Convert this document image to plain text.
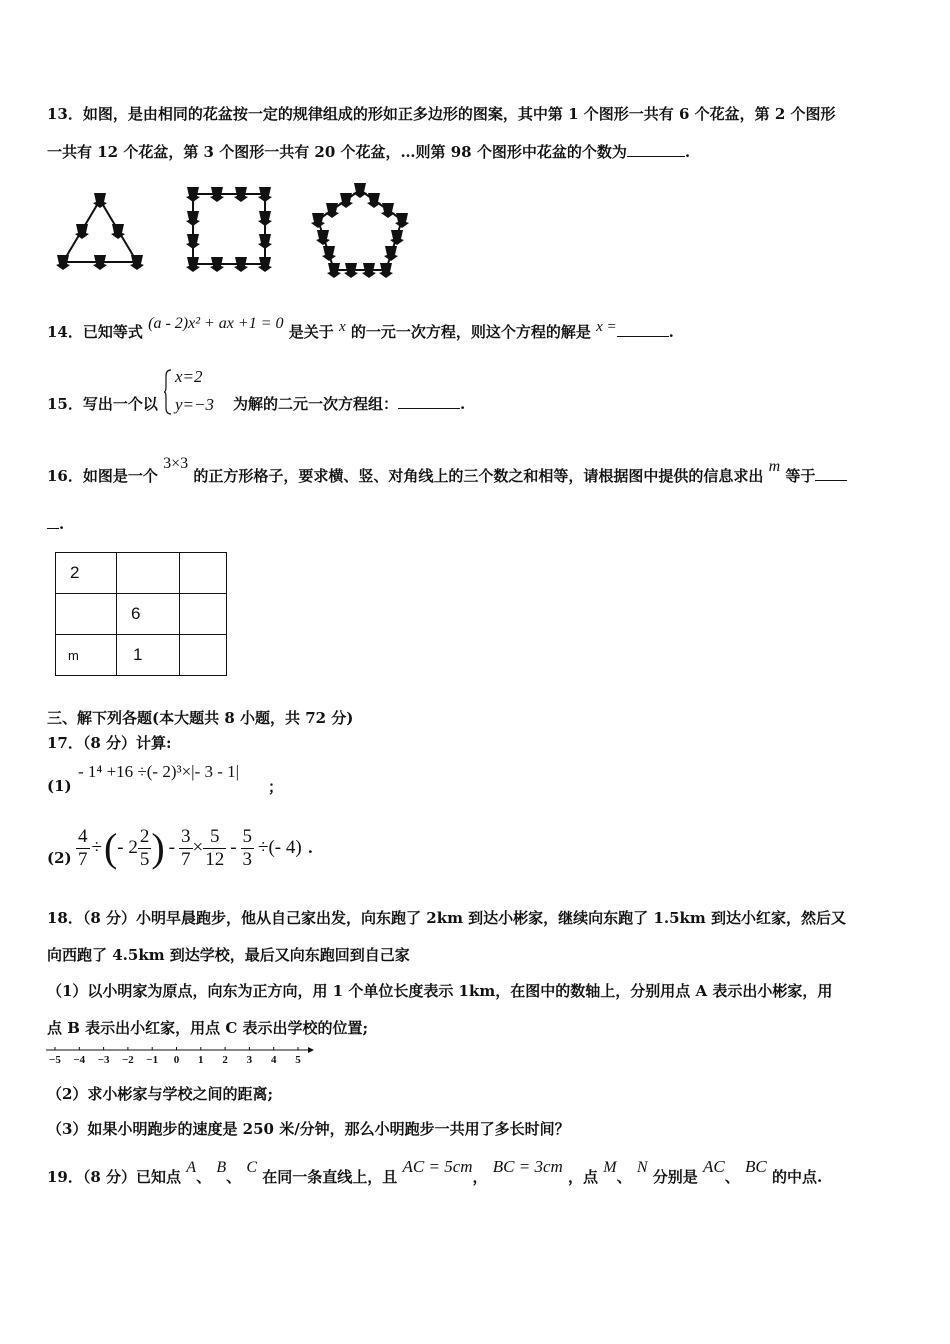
13．如图，是由相同的花盆按一定的规律组成的形如正多边形的图案，其中第 1 个图形一共有 6 个花盆，第 2 个图形
一共有 12 个花盆，第 3 个图形一共有 20 个花盆，…则第 98 个图形中花盆的个数为	.
14．已知等式 (a - 2)x² + ax +1 = 0 是关于 x 的一元一次方程，则这个方程的解是 x =	.
15．写出一个以
x=2
y=−3 为解的二元一次方程组：	.
16．如图是一个 3×3 的正方形格子，要求横、竖、对角线上的三个数之和相等，请根据图中提供的信息求出 m 等于
.
2		
	6	
m	1	
三、解下列各题(本大题共 8 小题，共 72 分)
17．（8 分）计算:
(1)
- 1⁴ +16 ÷(- 2)³×|- 3 - 1|
；
$(2) \frac{4}{7}$ ÷ ( - $2 \frac{2}{5}$ ) - $\frac{3}{7} \times \frac{5}{12} - \frac{5}{3}$ ÷(- 4) .
18．（8 分）小明早晨跑步，他从自己家出发，向东跑了 2km 到达小彬家，继续向东跑了 1.5km 到达小红家，然后又
向西跑了 4.5km 到达学校，最后又向东跑回到自己家
（1）以小明家为原点，向东为正方向，用 1 个单位长度表示 1km，在图中的数轴上，分别用点 A 表示出小彬家，用
点 B 表示出小红家，用点 C 表示出学校的位置;
−5 −4 −3 −2 −1 0 1 2 3 4 5
（2）求小彬家与学校之间的距离;
（3）如果小明跑步的速度是 250 米/分钟，那么小明跑步一共用了多长时间？
19．（8 分）已知点 A、 B、 C 在同一条直线上，且 AC = 5cm， BC = 3cm ，点 M、 N 分别是 AC、 BC 的中点.
